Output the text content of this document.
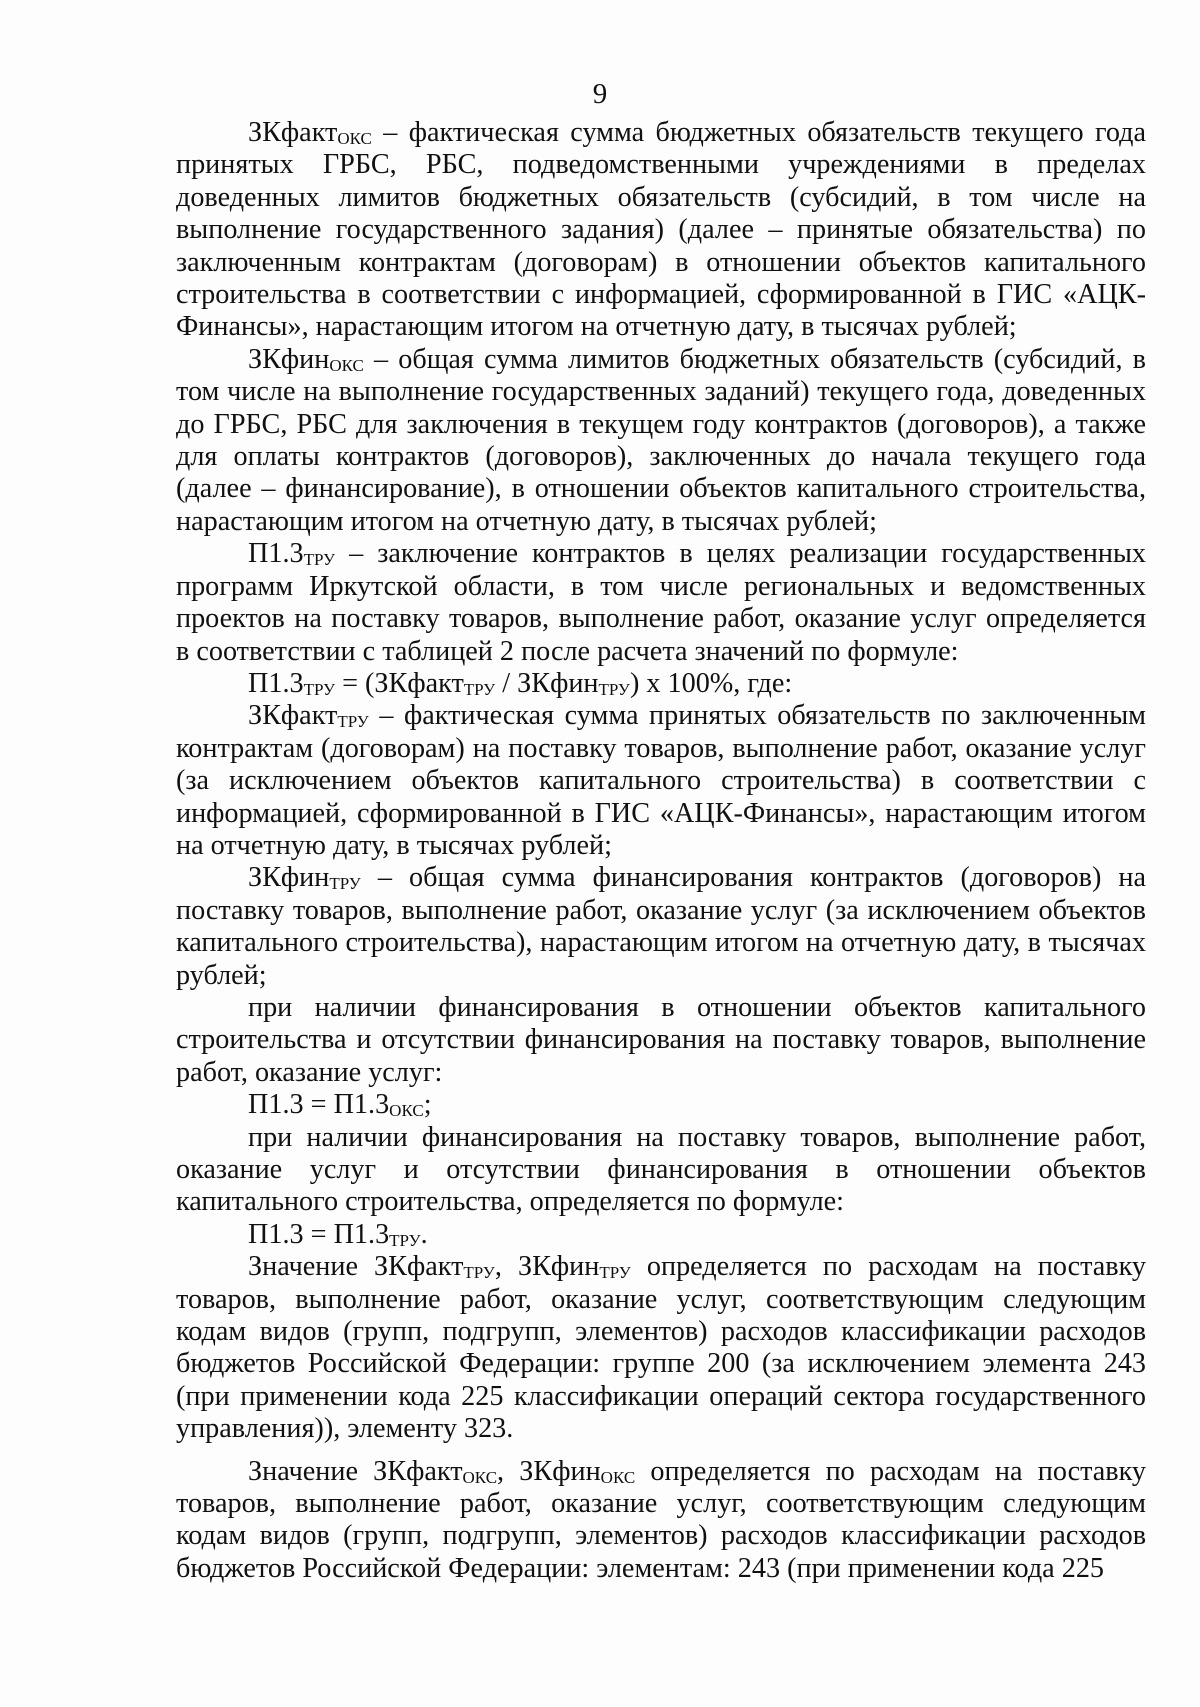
9

ЗКфакт$_{ОКС}$ – фактическая сумма бюджетных обязательств текущего года принятых ГРБС, РБС, подведомственными учреждениями в пределах доведенных лимитов бюджетных обязательств (субсидий, в том числе на выполнение государственного задания) (далее – принятые обязательства) по заключенным контрактам (договорам) в отношении объектов капитального строительства в соответствии с информацией, сформированной в ГИС «АЦК-Финансы», нарастающим итогом на отчетную дату, в тысячах рублей;

ЗКфин$_{ОКС}$ – общая сумма лимитов бюджетных обязательств (субсидий, в том числе на выполнение государственных заданий) текущего года, доведенных до ГРБС, РБС для заключения в текущем году контрактов (договоров), а также для оплаты контрактов (договоров), заключенных до начала текущего года (далее – финансирование), в отношении объектов капитального строительства, нарастающим итогом на отчетную дату, в тысячах рублей;

$П1.3_{ТРУ}$ – заключение контрактов в целях реализации государственных программ Иркутской области, в том числе региональных и ведомственных проектов на поставку товаров, выполнение работ, оказание услуг определяется в соответствии с таблицей 2 после расчета значений по формуле:

$П1.3_{ТРУ}$ = (ЗКфакт$_{ТРУ}$ / ЗКфин$_{ТРУ}$) х 100%, где:

ЗКфакт$_{ТРУ}$ – фактическая сумма принятых обязательств по заключенным контрактам (договорам) на поставку товаров, выполнение работ, оказание услуг (за исключением объектов капитального строительства) в соответствии с информацией, сформированной в ГИС «АЦК-Финансы», нарастающим итогом на отчетную дату, в тысячах рублей;

ЗКфин$_{ТРУ}$ – общая сумма финансирования контрактов (договоров) на поставку товаров, выполнение работ, оказание услуг (за исключением объектов капитального строительства), нарастающим итогом на отчетную дату, в тысячах рублей;

при наличии финансирования в отношении объектов капитального строительства и отсутствии финансирования на поставку товаров, выполнение работ, оказание услуг:

$П1.3 = П1.3_{ОКС}$;

при наличии финансирования на поставку товаров, выполнение работ, оказание услуг и отсутствии финансирования в отношении объектов капитального строительства, определяется по формуле:

$П1.3 = П1.3_{ТРУ}$.

Значение ЗКфакт$_{ТРУ}$, ЗКфин$_{ТРУ}$ определяется по расходам на поставку товаров, выполнение работ, оказание услуг, соответствующим следующим кодам видов (групп, подгрупп, элементов) расходов классификации расходов бюджетов Российской Федерации: группе 200 (за исключением элемента 243 (при применении кода 225 классификации операций сектора государственного управления)), элементу 323.

Значение ЗКфакт$_{ОКС}$, ЗКфин$_{ОКС}$ определяется по расходам на поставку товаров, выполнение работ, оказание услуг, соответствующим следующим кодам видов (групп, подгрупп, элементов) расходов классификации расходов бюджетов Российской Федерации: элементам: 243 (при применении кода 225
